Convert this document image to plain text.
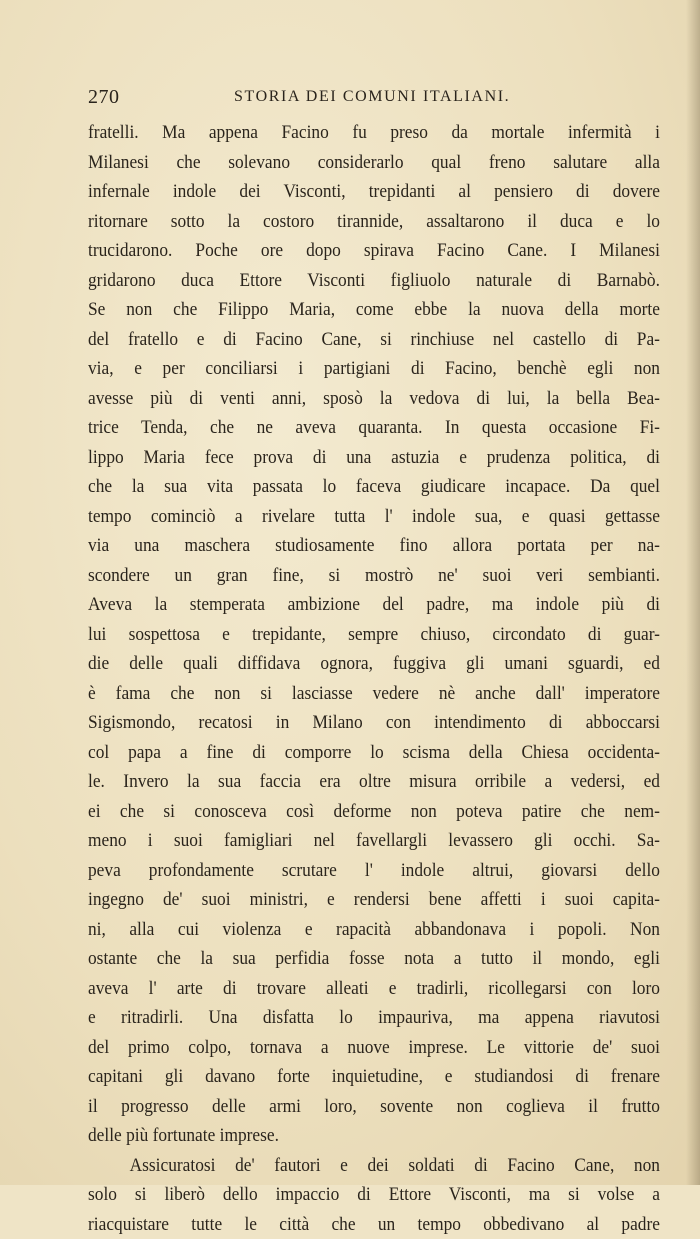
270	STORIA DEI COMUNI ITALIANI.
fratelli. Ma appena Facino fu preso da mortale infermità i
Milanesi che solevano considerarlo qual freno salutare alla
infernale indole dei Visconti, trepidanti al pensiero di dovere
ritornare sotto la costoro tirannide, assaltarono il duca e lo
trucidarono. Poche ore dopo spirava Facino Cane. I Milanesi
gridarono duca Ettore Visconti figliuolo naturale di Barnabò.
Se non che Filippo Maria, come ebbe la nuova della morte
del fratello e di Facino Cane, si rinchiuse nel castello di Pa-
via, e per conciliarsi i partigiani di Facino, benchè egli non
avesse più di venti anni, sposò la vedova di lui, la bella Bea-
trice Tenda, che ne aveva quaranta. In questa occasione Fi-
lippo Maria fece prova di una astuzia e prudenza politica, di
che la sua vita passata lo faceva giudicare incapace. Da quel
tempo cominciò a rivelare tutta l' indole sua, e quasi gettasse
via una maschera studiosamente fino allora portata per na-
scondere un gran fine, si mostrò ne' suoi veri sembianti.
Aveva la stemperata ambizione del padre, ma indole più di
lui sospettosa e trepidante, sempre chiuso, circondato di guar-
die delle quali diffidava ognora, fuggiva gli umani sguardi, ed
è fama che non si lasciasse vedere nè anche dall' imperatore
Sigismondo, recatosi in Milano con intendimento di abboccarsi
col papa a fine di comporre lo scisma della Chiesa occidenta-
le. Invero la sua faccia era oltre misura orribile a vedersi, ed
ei che si conosceva così deforme non poteva patire che nem-
meno i suoi famigliari nel favellargli levassero gli occhi. Sa-
peva profondamente scrutare l' indole altrui, giovarsi dello
ingegno de' suoi ministri, e rendersi bene affetti i suoi capita-
ni, alla cui violenza e rapacità abbandonava i popoli. Non
ostante che la sua perfidia fosse nota a tutto il mondo, egli
aveva l' arte di trovare alleati e tradirli, ricollegarsi con loro
e ritradirli. Una disfatta lo impauriva, ma appena riavutosi
del primo colpo, tornava a nuove imprese. Le vittorie de' suoi
capitani gli davano forte inquietudine, e studiandosi di frenare
il progresso delle armi loro, sovente non coglieva il frutto
delle più fortunate imprese.
Assicuratosi de' fautori e dei soldati di Facino Cane, non
solo si liberò dello impaccio di Ettore Visconti, ma si volse a
riacquistare tutte le città che un tempo obbedivano al padre
